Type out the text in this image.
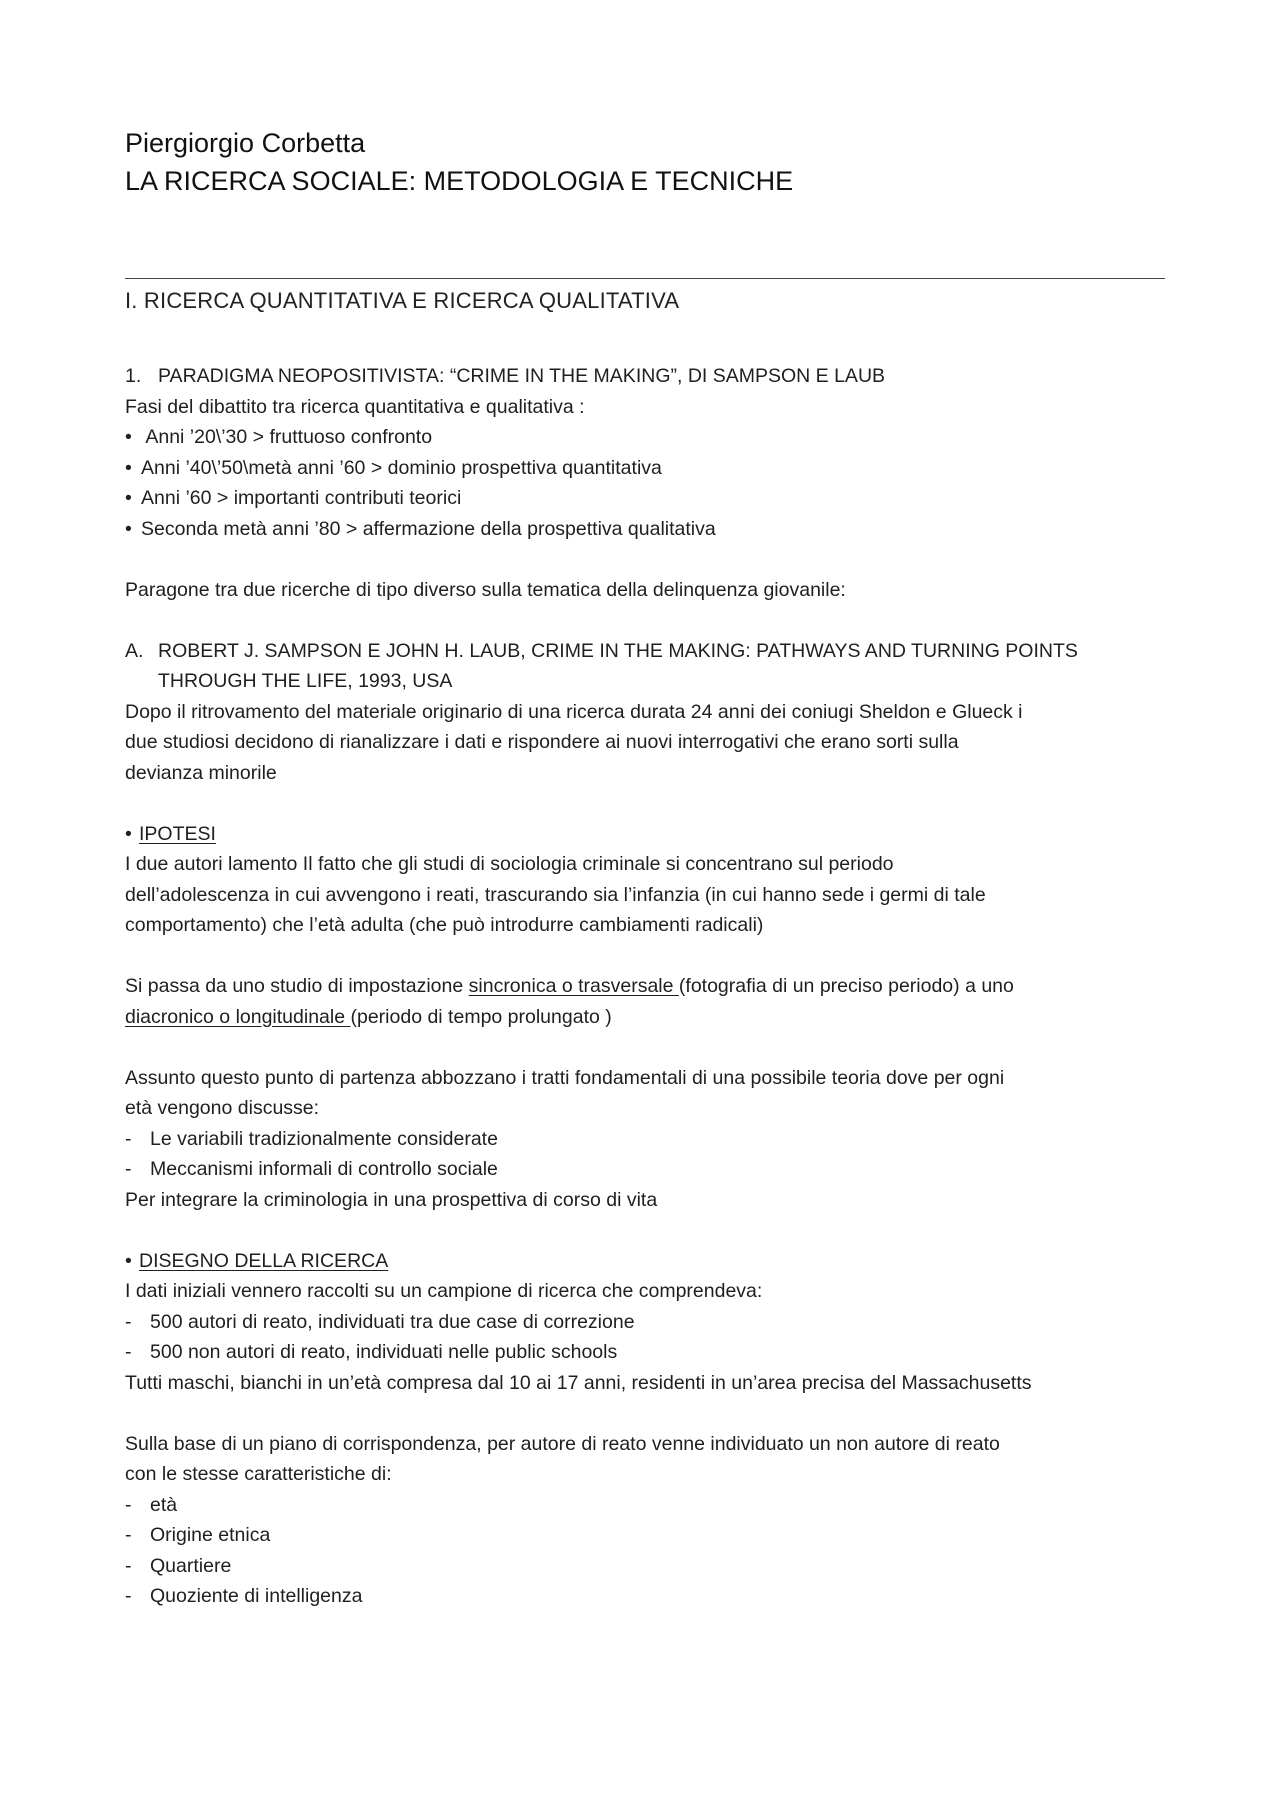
Piergiorgio Corbetta
LA RICERCA SOCIALE: METODOLOGIA E TECNICHE
I. RICERCA QUANTITATIVA E RICERCA QUALITATIVA
1. PARADIGMA NEOPOSITIVISTA: “CRIME IN THE MAKING”, DI SAMPSON E LAUB
Fasi del dibattito tra ricerca quantitativa e qualitativa :
• Anni ’20\’30 > fruttuoso confronto
• Anni ’40\’50\metà anni ’60 > dominio prospettiva quantitativa
• Anni ’60 > importanti contributi teorici
• Seconda metà anni ’80 > affermazione della prospettiva qualitativa
Paragone tra due ricerche di tipo diverso sulla tematica della delinquenza giovanile:
A. ROBERT J. SAMPSON E JOHN H. LAUB, CRIME IN THE MAKING: PATHWAYS AND TURNING POINTS
THROUGH THE LIFE, 1993, USA
Dopo il ritrovamento del materiale originario di una ricerca durata 24 anni dei coniugi Sheldon e Glueck i
due studiosi decidono di rianalizzare i dati e rispondere ai nuovi interrogativi che erano sorti sulla
devianza minorile
• IPOTESI
I due autori lamento Il fatto che gli studi di sociologia criminale si concentrano sul periodo
dell’adolescenza in cui avvengono i reati, trascurando sia l’infanzia (in cui hanno sede i germi di tale
comportamento) che l’età adulta (che può introdurre cambiamenti radicali)
Si passa da uno studio di impostazione sincronica o trasversale (fotografia di un preciso periodo) a uno
diacronico o longitudinale (periodo di tempo prolungato )
Assunto questo punto di partenza abbozzano i tratti fondamentali di una possibile teoria dove per ogni
età vengono discusse:
- Le variabili tradizionalmente considerate
- Meccanismi informali di controllo sociale
Per integrare la criminologia in una prospettiva di corso di vita
• DISEGNO DELLA RICERCA
I dati iniziali vennero raccolti su un campione di ricerca che comprendeva:
- 500 autori di reato, individuati tra due case di correzione
- 500 non autori di reato, individuati nelle public schools
Tutti maschi, bianchi in un’età compresa dal 10 ai 17 anni, residenti in un’area precisa del Massachusetts
Sulla base di un piano di corrispondenza, per autore di reato venne individuato un non autore di reato
con le stesse caratteristiche di:
- età
- Origine etnica
- Quartiere
- Quoziente di intelligenza
